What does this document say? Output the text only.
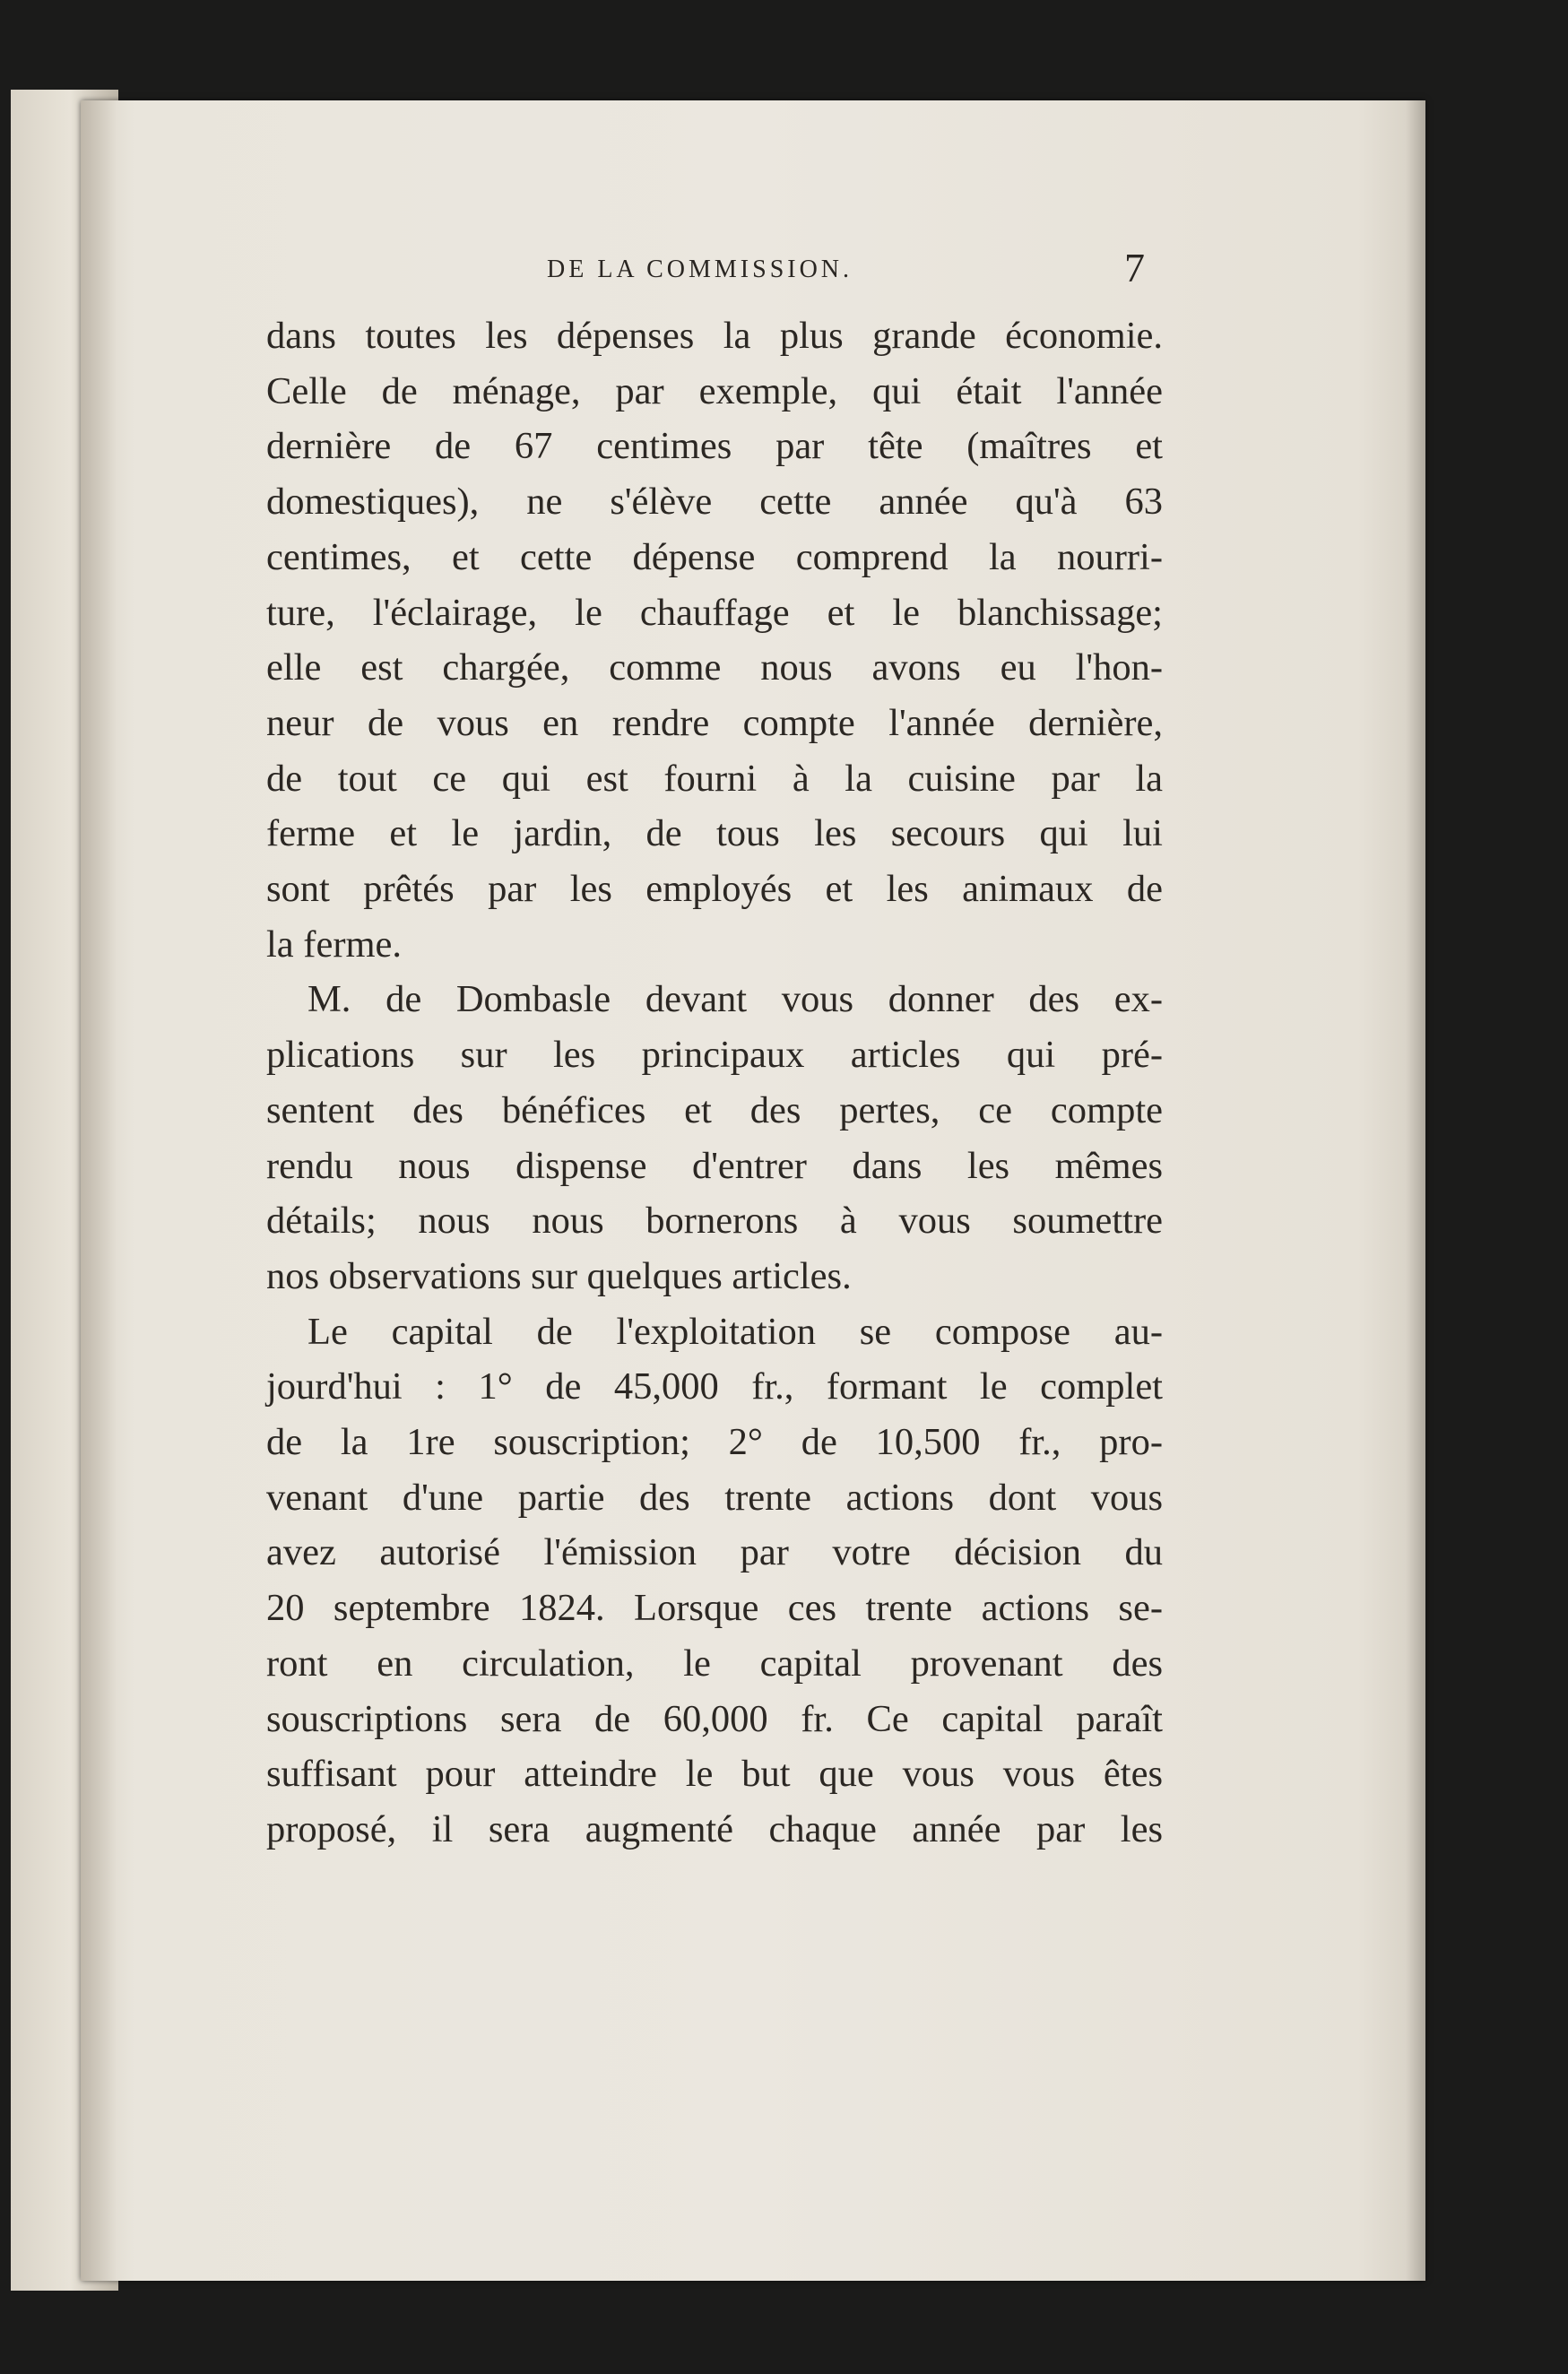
DE LA COMMISSION.	7
dans toutes les dépenses la plus grande économie.
Celle de ménage, par exemple, qui était l'année
dernière de 67 centimes par tête (maîtres et
domestiques), ne s'élève cette année qu'à 63
centimes, et cette dépense comprend la nourri-
ture, l'éclairage, le chauffage et le blanchissage;
elle est chargée, comme nous avons eu l'hon-
neur de vous en rendre compte l'année dernière,
de tout ce qui est fourni à la cuisine par la
ferme et le jardin, de tous les secours qui lui
sont prêtés par les employés et les animaux de
la ferme.
M. de Dombasle devant vous donner des ex-
plications sur les principaux articles qui pré-
sentent des bénéfices et des pertes, ce compte
rendu nous dispense d'entrer dans les mêmes
détails; nous nous bornerons à vous soumettre
nos observations sur quelques articles.
Le capital de l'exploitation se compose au-
jourd'hui : 1° de 45,000 fr., formant le complet
de la 1re souscription; 2° de 10,500 fr., pro-
venant d'une partie des trente actions dont vous
avez autorisé l'émission par votre décision du
20 septembre 1824. Lorsque ces trente actions se-
ront en circulation, le capital provenant des
souscriptions sera de 60,000 fr. Ce capital paraît
suffisant pour atteindre le but que vous vous êtes
proposé, il sera augmenté chaque année par les
